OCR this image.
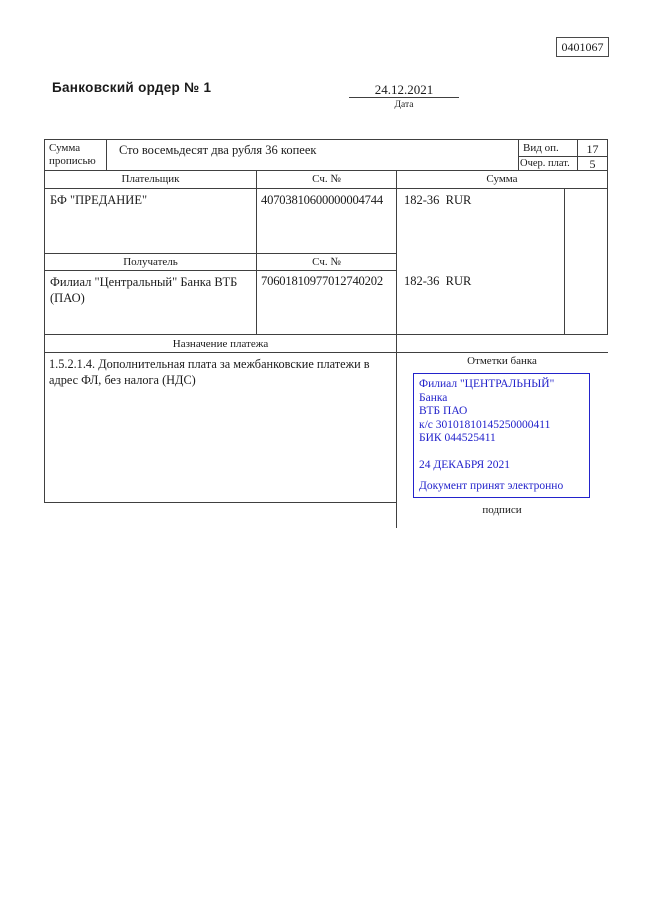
0401067
Банковский ордер № 1	24.12.2021
Дата
Сумма прописью
Сто восемьдесят два рубля 36 копеек	Вид оп.	17
Очер. плат.	5
Плательщик	Сч. №	Сумма
БФ "ПРЕДАНИЕ"	40703810600000004744	182-36  RUR
Получатель	Сч. №
Филиал "Центральный" Банка ВТБ (ПАО)
70601810977012740202	182-36  RUR
Назначение платежа
1.5.2.1.4. Дополнительная плата за межбанковские платежи в адрес ФЛ, без налога (НДС)
Отметки банка
Филиал "ЦЕНТРАЛЬНЫЙ" Банка
ВТБ ПАО
к/с 30101810145250000411
БИК 044525411
24 ДЕКАБРЯ 2021
Документ принят электронно
подписи
